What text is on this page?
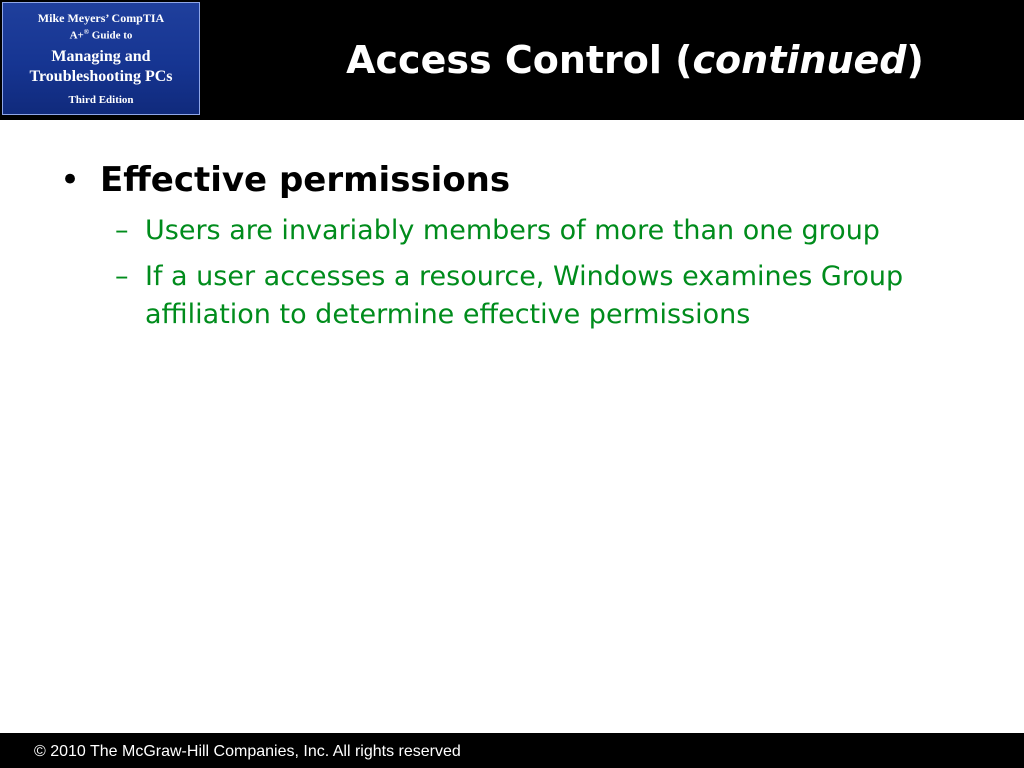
Mike Meyers’ CompTIA
A+® Guide to
Managing and
Troubleshooting PCs
Third Edition
Access Control (continued)
• Effective permissions
– Users are invariably members of more than one group
– If a user accesses a resource, Windows examines Group affiliation to determine effective permissions
© 2010 The McGraw-Hill Companies, Inc. All rights reserved
